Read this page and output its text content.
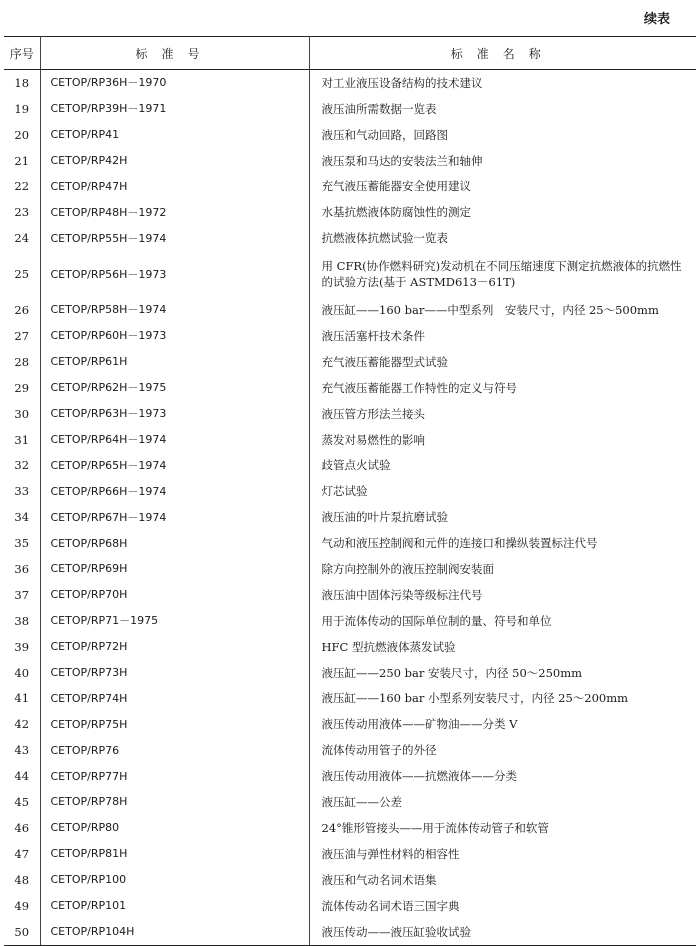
续表
序号	标准号	标准名称
18	CETOP/RP36H－1970	对工业液压设备结构的技术建议
19	CETOP/RP39H－1971	液压油所需数据一览表
20	CETOP/RP41	液压和气动回路，回路图
21	CETOP/RP42H	液压泵和马达的安装法兰和轴伸
22	CETOP/RP47H	充气液压蓄能器安全使用建议
23	CETOP/RP48H－1972	水基抗燃液体防腐蚀性的测定
24	CETOP/RP55H－1974	抗燃液体抗燃试验一览表
25	CETOP/RP56H－1973	用 CFR(协作燃料研究)发动机在不同压缩速度下测定抗燃液体的抗燃性的试验方法(基于 ASTMD613－61T)
26	CETOP/RP58H－1974	液压缸——160 bar——中型系列　安装尺寸，内径 25～500mm
27	CETOP/RP60H－1973	液压活塞杆技术条件
28	CETOP/RP61H	充气液压蓄能器型式试验
29	CETOP/RP62H－1975	充气液压蓄能器工作特性的定义与符号
30	CETOP/RP63H－1973	液压管方形法兰接头
31	CETOP/RP64H－1974	蒸发对易燃性的影响
32	CETOP/RP65H－1974	歧管点火试验
33	CETOP/RP66H－1974	灯芯试验
34	CETOP/RP67H－1974	液压油的叶片泵抗磨试验
35	CETOP/RP68H	气动和液压控制阀和元件的连接口和操纵装置标注代号
36	CETOP/RP69H	除方向控制外的液压控制阀安装面
37	CETOP/RP70H	液压油中固体污染等级标注代号
38	CETOP/RP71－1975	用于流体传动的国际单位制的量、符号和单位
39	CETOP/RP72H	HFC 型抗燃液体蒸发试验
40	CETOP/RP73H	液压缸——250 bar 安装尺寸，内径 50～250mm
41	CETOP/RP74H	液压缸——160 bar 小型系列安装尺寸，内径 25～200mm
42	CETOP/RP75H	液压传动用液体——矿物油——分类 V
43	CETOP/RP76	流体传动用管子的外径
44	CETOP/RP77H	液压传动用液体——抗燃液体——分类
45	CETOP/RP78H	液压缸——公差
46	CETOP/RP80	24°锥形管接头——用于流体传动管子和软管
47	CETOP/RP81H	液压油与弹性材料的相容性
48	CETOP/RP100	液压和气动名词术语集
49	CETOP/RP101	流体传动名词术语三国字典
50	CETOP/RP104H	液压传动——液压缸验收试验
